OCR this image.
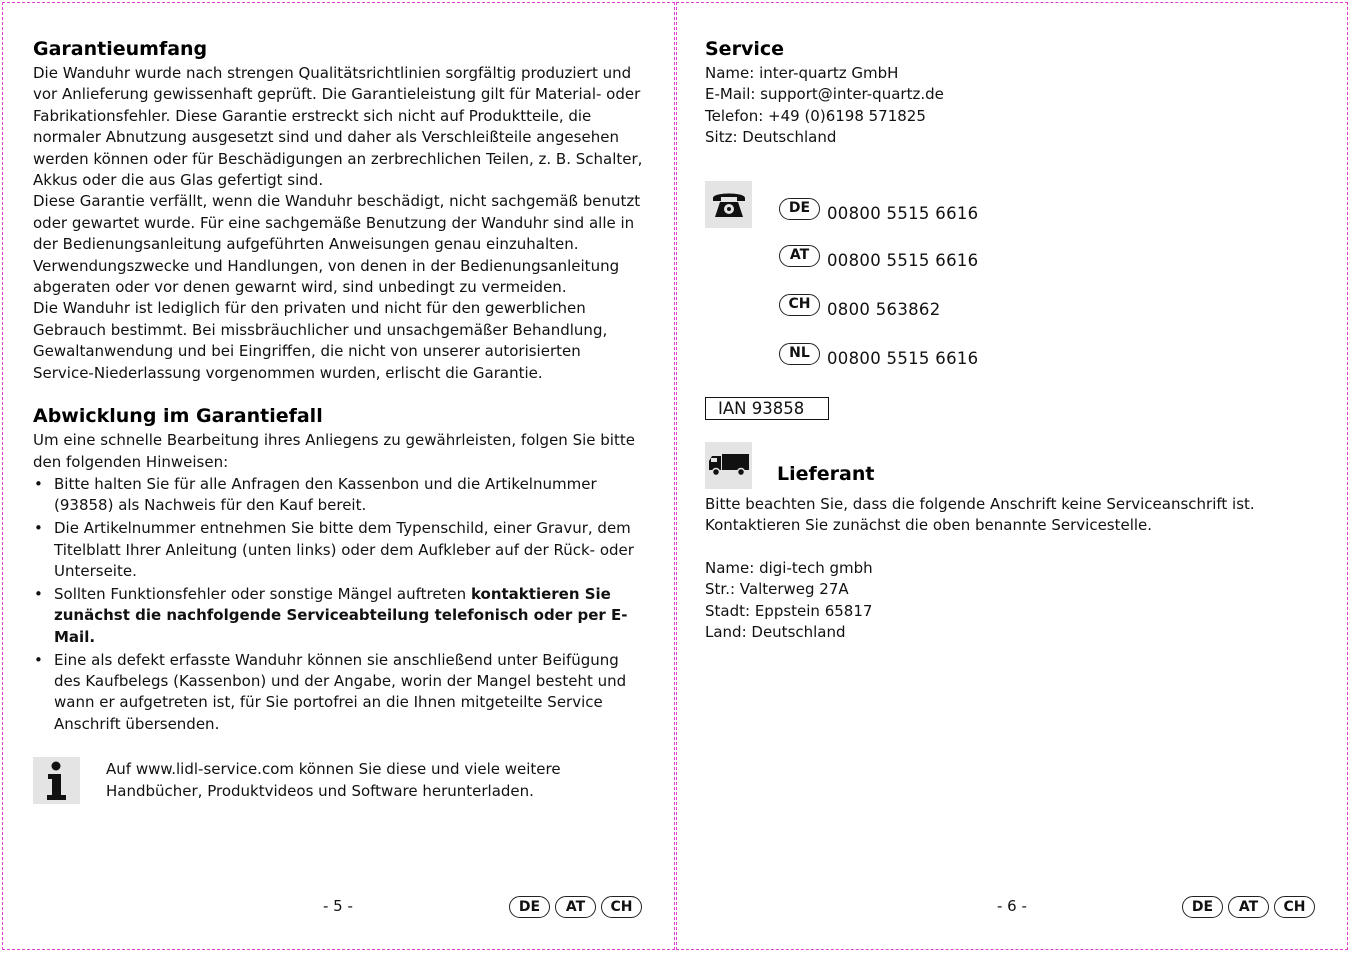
Garantieumfang

Die Wanduhr wurde nach strengen Qualitätsrichtlinien sorgfältig produziert und vor Anlieferung gewissenhaft geprüft. Die Garantieleistung gilt für Material- oder Fabrikationsfehler. Diese Garantie erstreckt sich nicht auf Produktteile, die normaler Abnutzung ausgesetzt sind und daher als Verschleißteile angesehen werden können oder für Beschädigungen an zerbrechlichen Teilen, z. B. Schalter, Akkus oder die aus Glas gefertigt sind.

Diese Garantie verfällt, wenn die Wanduhr beschädigt, nicht sachgemäß benutzt oder gewartet wurde. Für eine sachgemäße Benutzung der Wanduhr sind alle in der Bedienungsanleitung aufgeführten Anweisungen genau einzuhalten. Verwendungszwecke und Handlungen, von denen in der Bedienungsanleitung abgeraten oder vor denen gewarnt wird, sind unbedingt zu vermeiden.

Die Wanduhr ist lediglich für den privaten und nicht für den gewerblichen Gebrauch bestimmt. Bei missbräuchlicher und unsachgemäßer Behandlung, Gewaltanwendung und bei Eingriffen, die nicht von unserer autorisierten Service-Niederlassung vorgenommen wurden, erlischt die Garantie.

Abwicklung im Garantiefall

Um eine schnelle Bearbeitung ihres Anliegens zu gewährleisten, folgen Sie bitte den folgenden Hinweisen:

• Bitte halten Sie für alle Anfragen den Kassenbon und die Artikelnummer (93858) als Nachweis für den Kauf bereit.
• Die Artikelnummer entnehmen Sie bitte dem Typenschild, einer Gravur, dem Titelblatt Ihrer Anleitung (unten links) oder dem Aufkleber auf der Rück- oder Unterseite.
• Sollten Funktionsfehler oder sonstige Mängel auftreten kontaktieren Sie zunächst die nachfolgende Serviceabteilung telefonisch oder per E-Mail.
• Eine als defekt erfasste Wanduhr können sie anschließend unter Beifügung des Kaufbelegs (Kassenbon) und der Angabe, worin der Mangel besteht und wann er aufgetreten ist, für Sie portofrei an die Ihnen mitgeteilte Service Anschrift übersenden.

Auf www.lidl-service.com können Sie diese und viele weitere Handbücher, Produktvideos und Software herunterladen.

- 5 -	DE	AT	CH
Service

Name: inter-quartz GmbH

E-Mail: support@inter-quartz.de

Telefon: +49 (0)6198 571825

Sitz: Deutschland

DE	00800 5515 6616
AT	00800 5515 6616
CH	0800 563862
NL	00800 5515 6616
IAN 93858
Lieferant

Bitte beachten Sie, dass die folgende Anschrift keine Serviceanschrift ist. Kontaktieren Sie zunächst die oben benannte Servicestelle.

Name: digi-tech gmbh

Str.: Valterweg 27A

Stadt: Eppstein 65817

Land: Deutschland

- 6 -	DE	AT	CH
